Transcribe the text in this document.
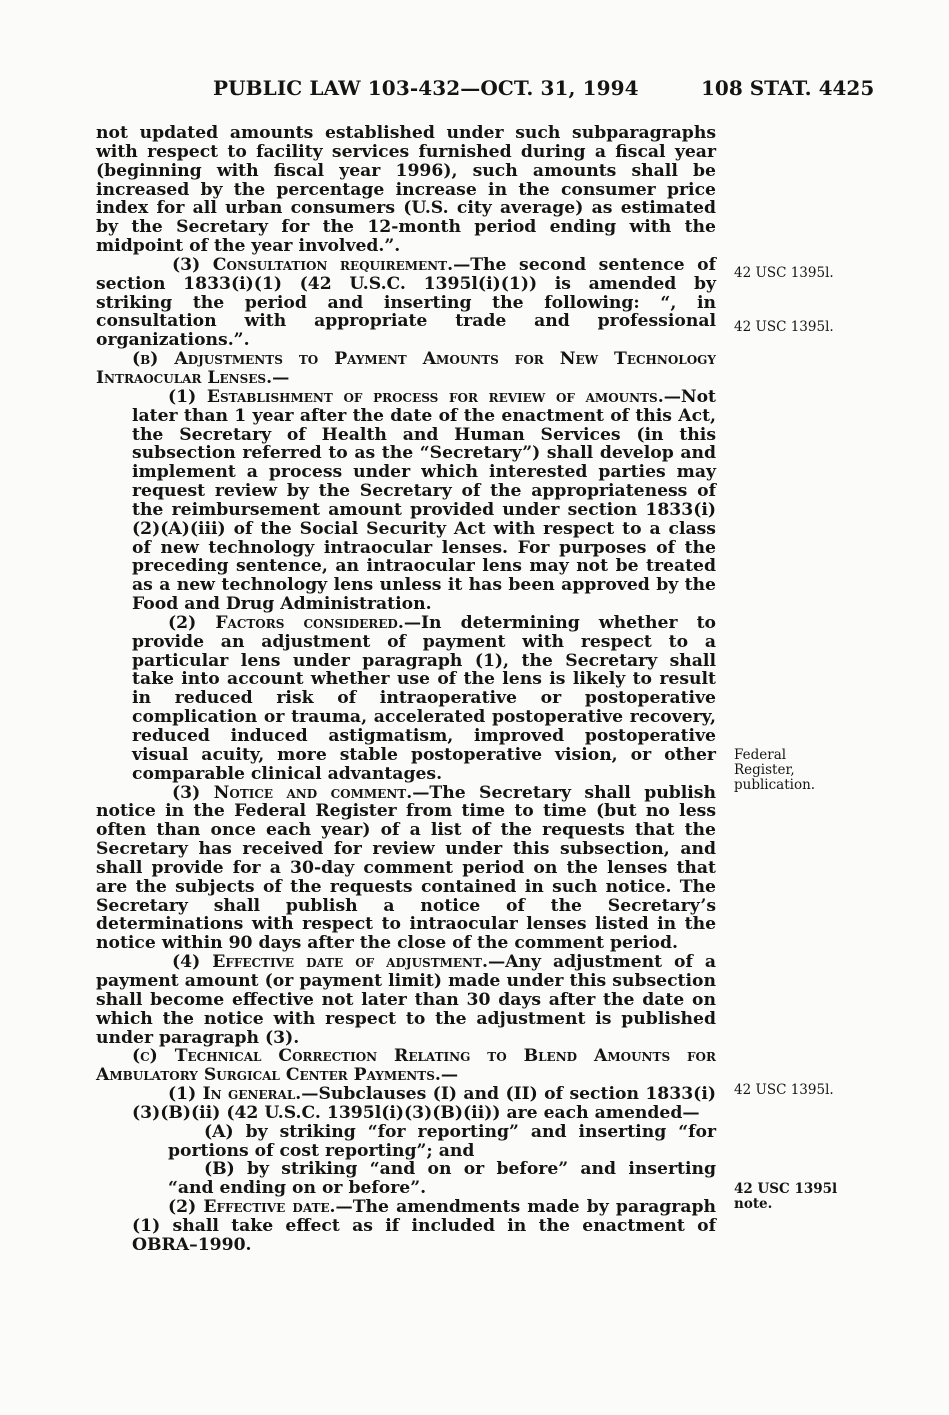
PUBLIC LAW 103-432—OCT. 31, 1994	108 STAT. 4425

not updated amounts established under such subparagraphs with respect to facility services furnished during a fiscal year (beginning with fiscal year 1996), such amounts shall be increased by the percentage increase in the consumer price index for all urban consumers (U.S. city average) as estimated by the Secretary for the 12-month period ending with the midpoint of the year involved.”.

(3) Consultation requirement.—The second sentence of section 1833(i)(1) (42 U.S.C. 1395l(i)(1)) is amended by striking the period and inserting the following: “, in consultation with appropriate trade and professional organizations.”.

(b) Adjustments to Payment Amounts for New Technology Intraocular Lenses.—

(1) Establishment of process for review of amounts.—Not later than 1 year after the date of the enactment of this Act, the Secretary of Health and Human Services (in this subsection referred to as the “Secretary”) shall develop and implement a process under which interested parties may request review by the Secretary of the appropriateness of the reimbursement amount provided under section 1833(i)(2)(A)(iii) of the Social Security Act with respect to a class of new technology intraocular lenses. For purposes of the preceding sentence, an intraocular lens may not be treated as a new technology lens unless it has been approved by the Food and Drug Administration.

(2) Factors considered.—In determining whether to provide an adjustment of payment with respect to a particular lens under paragraph (1), the Secretary shall take into account whether use of the lens is likely to result in reduced risk of intraoperative or postoperative complication or trauma, accelerated postoperative recovery, reduced induced astigmatism, improved postoperative visual acuity, more stable postoperative vision, or other comparable clinical advantages.

(3) Notice and comment.—The Secretary shall publish notice in the Federal Register from time to time (but no less often than once each year) of a list of the requests that the Secretary has received for review under this subsection, and shall provide for a 30-day comment period on the lenses that are the subjects of the requests contained in such notice. The Secretary shall publish a notice of the Secretary’s determinations with respect to intraocular lenses listed in the notice within 90 days after the close of the comment period.

(4) Effective date of adjustment.—Any adjustment of a payment amount (or payment limit) made under this subsection shall become effective not later than 30 days after the date on which the notice with respect to the adjustment is published under paragraph (3).

(c) Technical Correction Relating to Blend Amounts for Ambulatory Surgical Center Payments.—

(1) In general.—Subclauses (I) and (II) of section 1833(i)(3)(B)(ii) (42 U.S.C. 1395l(i)(3)(B)(ii)) are each amended—

(A) by striking “for reporting” and inserting “for portions of cost reporting”; and

(B) by striking “and on or before” and inserting “and ending on or before”.

(2) Effective date.—The amendments made by paragraph (1) shall take effect as if included in the enactment of OBRA–1990.

42 USC 1395l.
42 USC 1395l.
Federal
Register,
publication.
42 USC 1395l.
42 USC 1395l
note.
